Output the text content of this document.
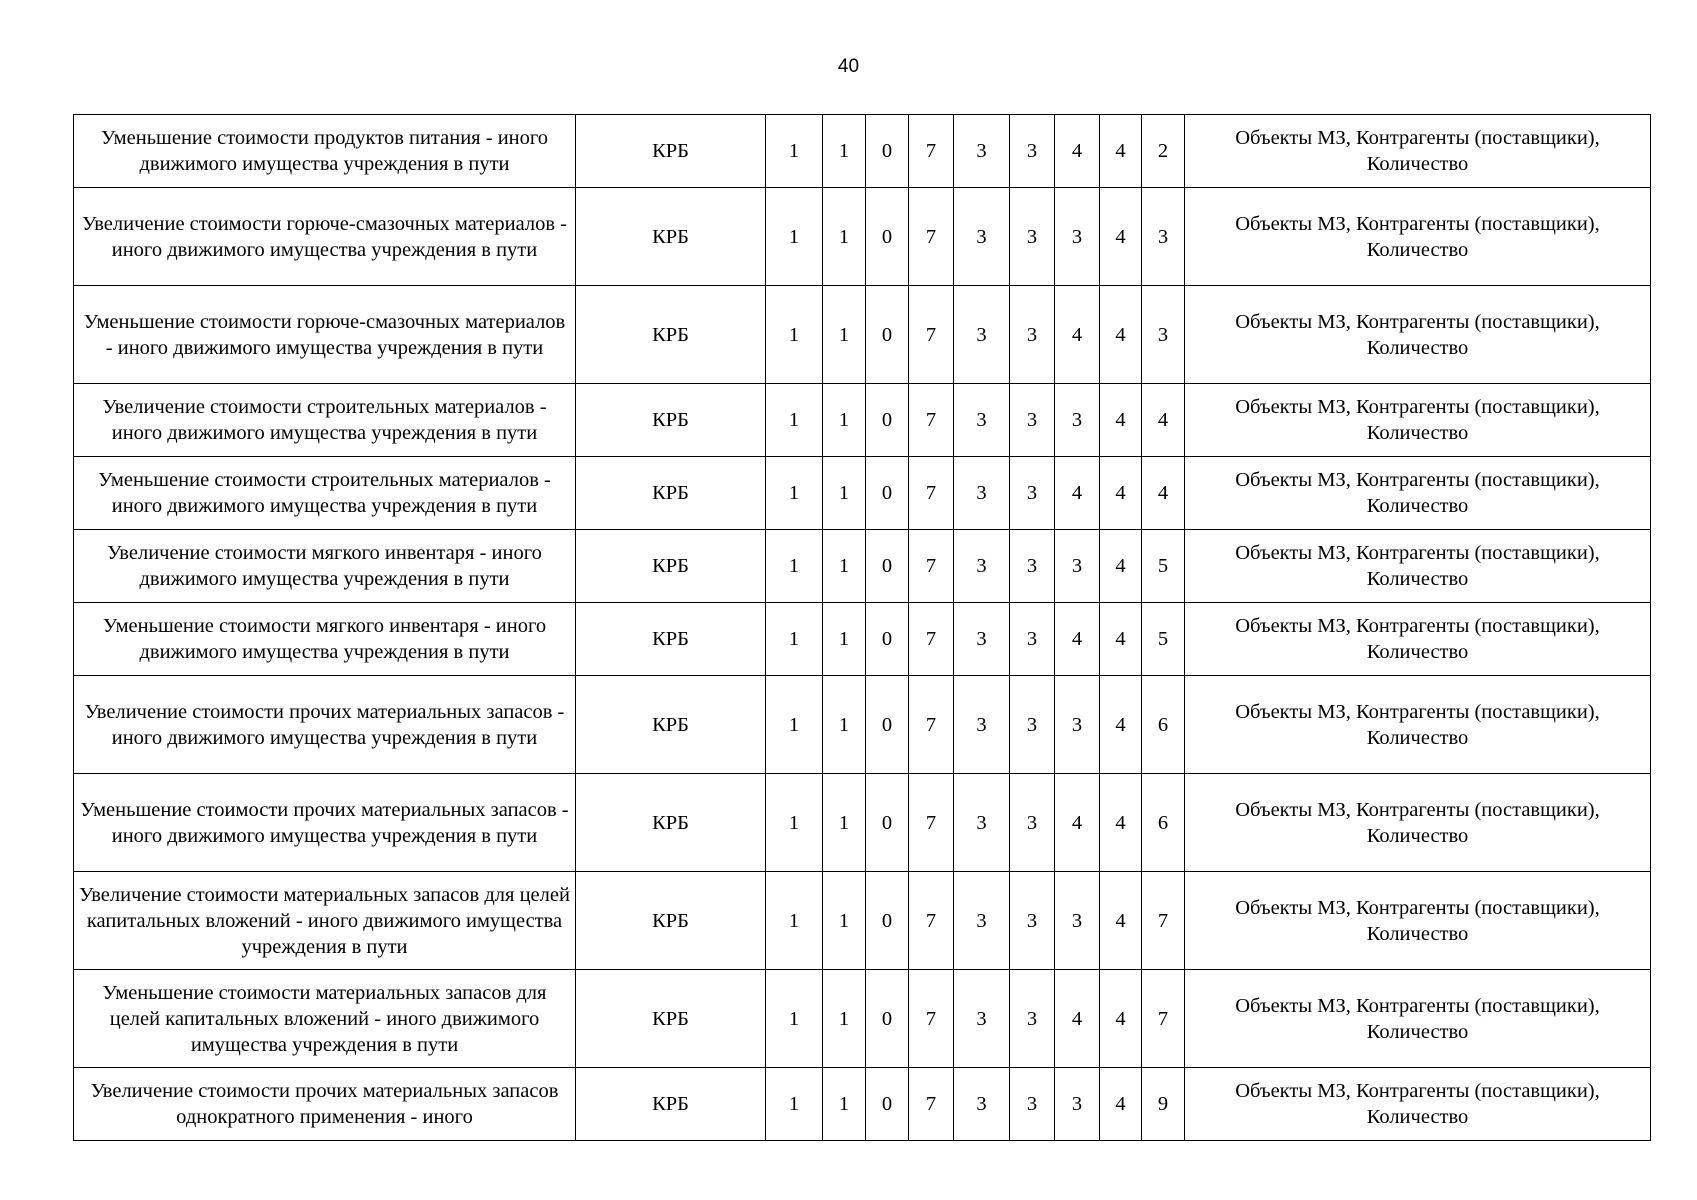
40
Уменьшение стоимости продуктов питания - иного движимого имущества учреждения в пути	КРБ	1	1	0	7	3	3	4	4	2	Объекты МЗ, Контрагенты (поставщики), Количество
Увеличение стоимости горюче-смазочных материалов - иного движимого имущества учреждения в пути	КРБ	1	1	0	7	3	3	3	4	3	Объекты МЗ, Контрагенты (поставщики), Количество
Уменьшение стоимости горюче-смазочных материалов - иного движимого имущества учреждения в пути	КРБ	1	1	0	7	3	3	4	4	3	Объекты МЗ, Контрагенты (поставщики), Количество
Увеличение стоимости строительных материалов - иного движимого имущества учреждения в пути	КРБ	1	1	0	7	3	3	3	4	4	Объекты МЗ, Контрагенты (поставщики), Количество
Уменьшение стоимости строительных материалов - иного движимого имущества учреждения в пути	КРБ	1	1	0	7	3	3	4	4	4	Объекты МЗ, Контрагенты (поставщики), Количество
Увеличение стоимости мягкого инвентаря - иного движимого имущества учреждения в пути	КРБ	1	1	0	7	3	3	3	4	5	Объекты МЗ, Контрагенты (поставщики), Количество
Уменьшение стоимости мягкого инвентаря - иного движимого имущества учреждения в пути	КРБ	1	1	0	7	3	3	4	4	5	Объекты МЗ, Контрагенты (поставщики), Количество
Увеличение стоимости прочих материальных запасов - иного движимого имущества учреждения в пути	КРБ	1	1	0	7	3	3	3	4	6	Объекты МЗ, Контрагенты (поставщики), Количество
Уменьшение стоимости прочих материальных запасов - иного движимого имущества учреждения в пути	КРБ	1	1	0	7	3	3	4	4	6	Объекты МЗ, Контрагенты (поставщики), Количество
Увеличение стоимости материальных запасов для целей капитальных вложений - иного движимого имущества учреждения в пути	КРБ	1	1	0	7	3	3	3	4	7	Объекты МЗ, Контрагенты (поставщики), Количество
Уменьшение стоимости материальных запасов для целей капитальных вложений - иного движимого имущества учреждения в пути	КРБ	1	1	0	7	3	3	4	4	7	Объекты МЗ, Контрагенты (поставщики), Количество
Увеличение стоимости прочих материальных запасов однократного применения - иного	КРБ	1	1	0	7	3	3	3	4	9	Объекты МЗ, Контрагенты (поставщики), Количество
